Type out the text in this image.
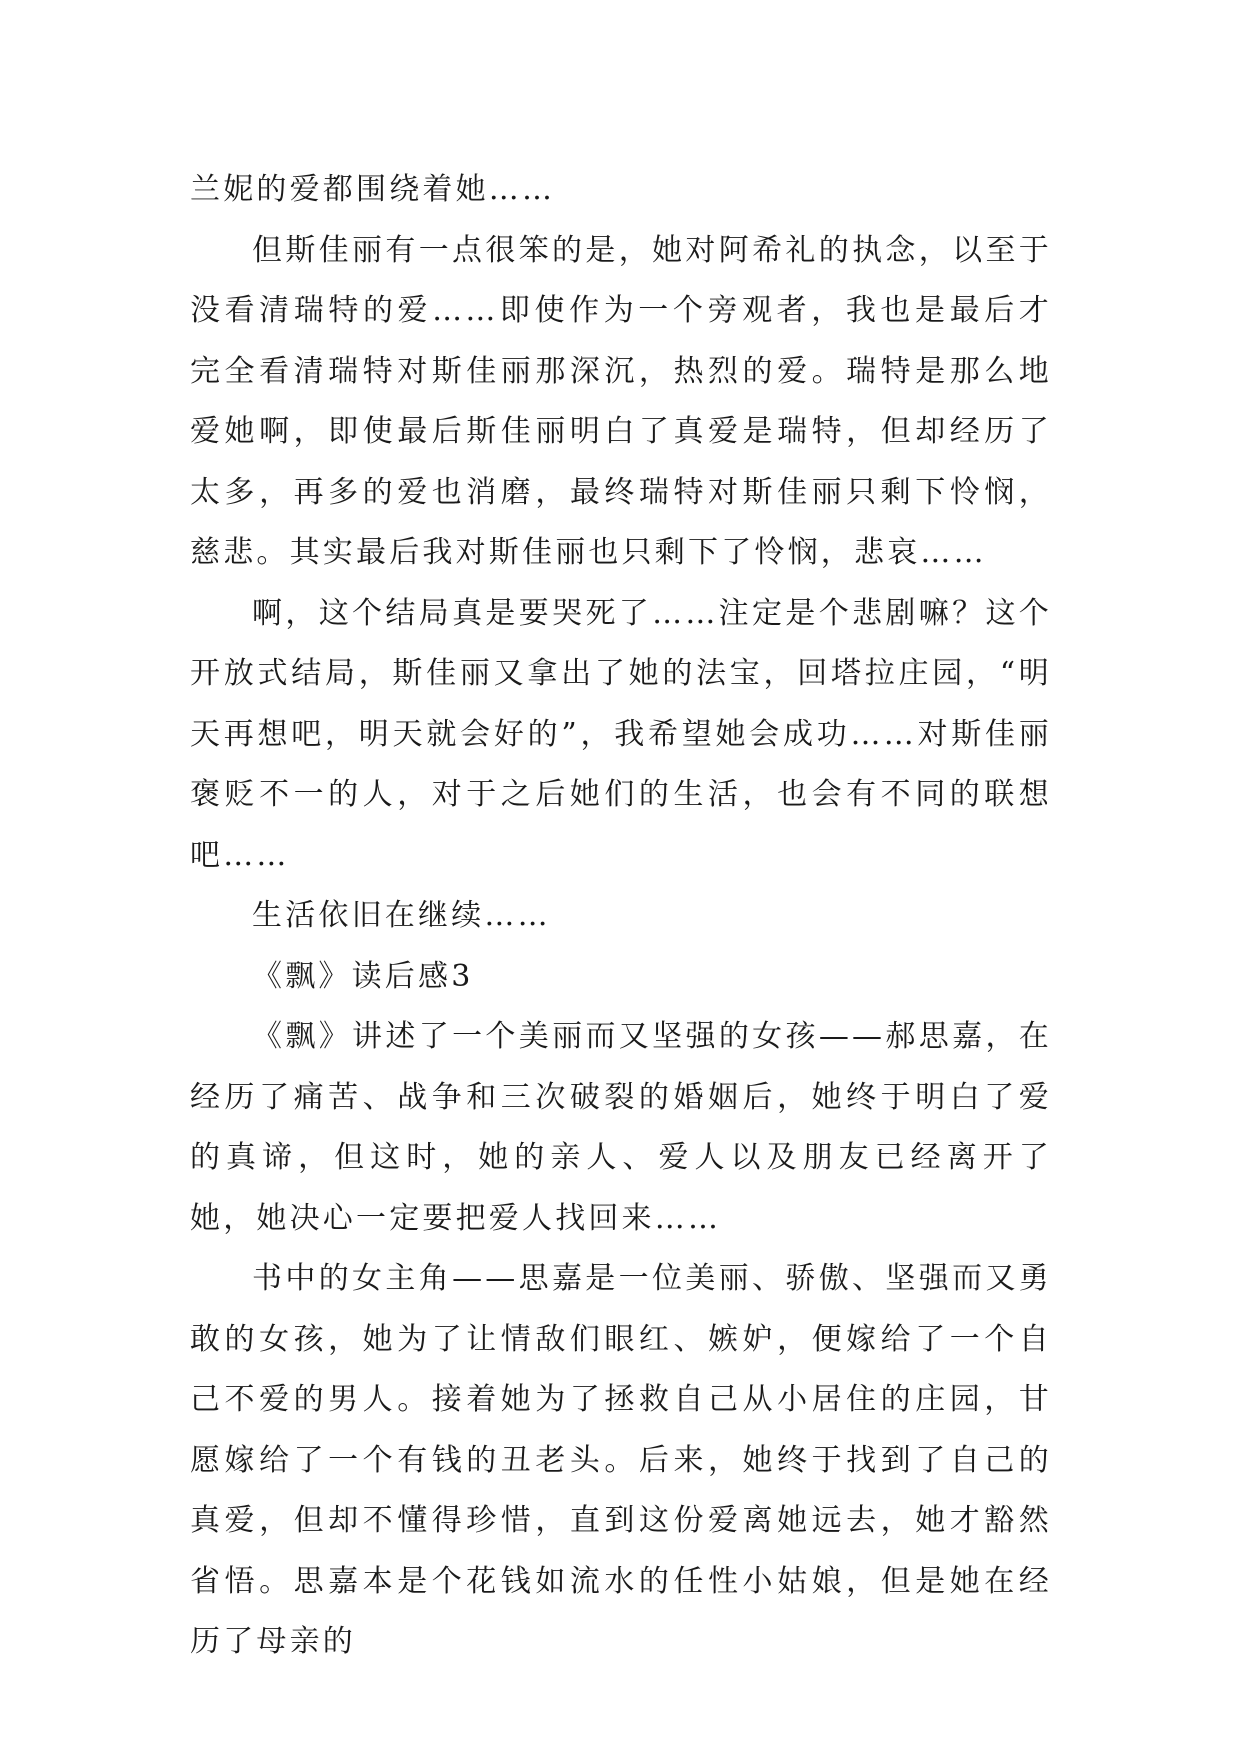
兰妮的爱都围绕着她……

但斯佳丽有一点很笨的是，她对阿希礼的执念，以至于没看清瑞特的爱……即使作为一个旁观者，我也是最后才完全看清瑞特对斯佳丽那深沉，热烈的爱。瑞特是那么地爱她啊，即使最后斯佳丽明白了真爱是瑞特，但却经历了太多，再多的爱也消磨，最终瑞特对斯佳丽只剩下怜悯，慈悲。其实最后我对斯佳丽也只剩下了怜悯，悲哀……

啊，这个结局真是要哭死了……注定是个悲剧嘛？这个开放式结局，斯佳丽又拿出了她的法宝，回塔拉庄园，“明天再想吧，明天就会好的”，我希望她会成功……对斯佳丽褒贬不一的人，对于之后她们的生活，也会有不同的联想吧……

生活依旧在继续……

《飘》读后感3

《飘》讲述了一个美丽而又坚强的女孩——郝思嘉，在经历了痛苦、战争和三次破裂的婚姻后，她终于明白了爱的真谛，但这时，她的亲人、爱人以及朋友已经离开了她，她决心一定要把爱人找回来……

书中的女主角——思嘉是一位美丽、骄傲、坚强而又勇敢的女孩，她为了让情敌们眼红、嫉妒，便嫁给了一个自己不爱的男人。接着她为了拯救自己从小居住的庄园，甘愿嫁给了一个有钱的丑老头。后来，她终于找到了自己的真爱，但却不懂得珍惜，直到这份爱离她远去，她才豁然省悟。思嘉本是个花钱如流水的任性小姑娘，但是她在经历了母亲的
